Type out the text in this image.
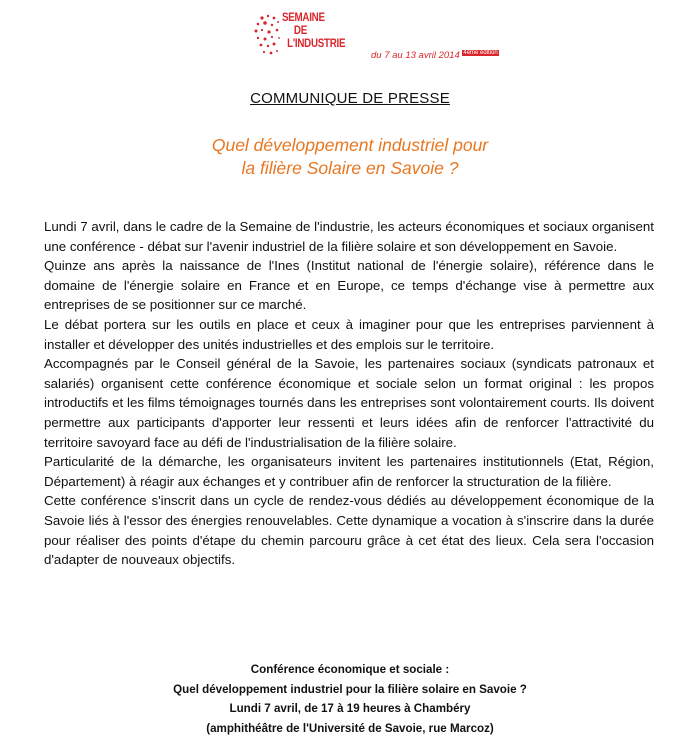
SEMAINE
DE
L'INDUSTRIE
du 7 au 13 avril 2014 $^{4ème édition}$
COMMUNIQUE DE PRESSE
Quel développement industriel pour
la filière Solaire en Savoie ?

Lundi 7 avril, dans le cadre de la Semaine de l'industrie, les acteurs économiques et sociaux organisent une conférence - débat sur l'avenir industriel de la filière solaire et son développement en Savoie.

Quinze ans après la naissance de l'Ines (Institut national de l'énergie solaire), référence dans le domaine de l'énergie solaire en France et en Europe, ce temps d'échange vise à permettre aux entreprises de se positionner sur ce marché.

Le débat portera sur les outils en place et ceux à imaginer pour que les entreprises parviennent à installer et développer des unités industrielles et des emplois sur le territoire.

Accompagnés par le Conseil général de la Savoie, les partenaires sociaux (syndicats patronaux et salariés) organisent cette conférence économique et sociale selon un format original : les propos introductifs et les films témoignages tournés dans les entreprises sont volontairement courts. Ils doivent permettre aux participants d'apporter leur ressenti et leurs idées afin de renforcer l'attractivité du territoire savoyard face au défi de l'industrialisation de la filière solaire.

Particularité de la démarche, les organisateurs invitent les partenaires institutionnels (Etat, Région, Département) à réagir aux échanges et y contribuer afin de renforcer la structuration de la filière.

Cette conférence s'inscrit dans un cycle de rendez-vous dédiés au développement économique de la Savoie liés à l'essor des énergies renouvelables. Cette dynamique a vocation à s'inscrire dans la durée pour réaliser des points d'étape du chemin parcouru grâce à cet état des lieux. Cela sera l'occasion d'adapter de nouveaux objectifs.

Conférence économique et sociale :
Quel développement industriel pour la filière solaire en Savoie ?
Lundi 7 avril, de 17 à 19 heures à Chambéry
(amphithéâtre de l'Université de Savoie, rue Marcoz)
